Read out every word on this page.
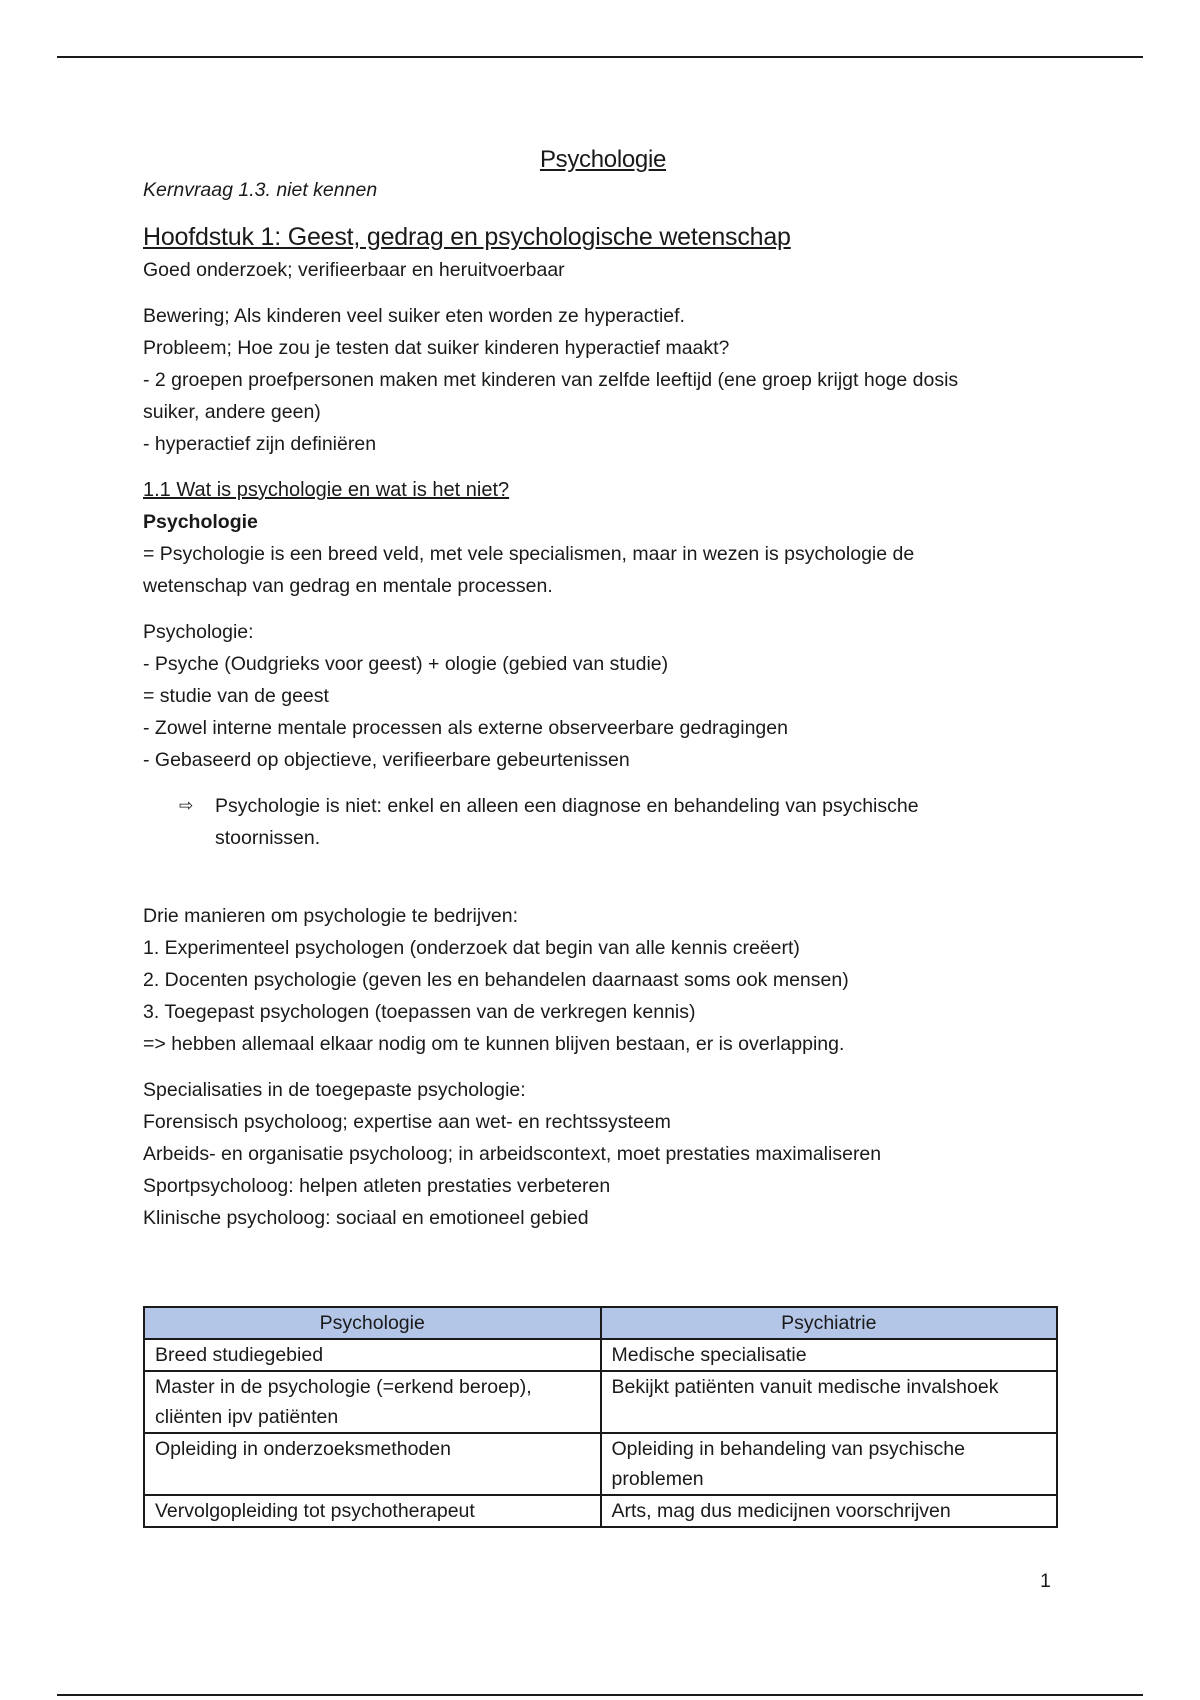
Psychologie

Kernvraag 1.3. niet kennen

Hoofdstuk 1: Geest, gedrag en psychologische wetenschap

Goed onderzoek; verifieerbaar en heruitvoerbaar

Bewering; Als kinderen veel suiker eten worden ze hyperactief.

Probleem; Hoe zou je testen dat suiker kinderen hyperactief maakt?

- 2 groepen proefpersonen maken met kinderen van zelfde leeftijd (ene groep krijgt hoge dosis suiker, andere geen)

- hyperactief zijn definiëren

1.1 Wat is psychologie en wat is het niet?

Psychologie

= Psychologie is een breed veld, met vele specialismen, maar in wezen is psychologie de wetenschap van gedrag en mentale processen.

Psychologie:

- Psyche (Oudgrieks voor geest) + ologie (gebied van studie)

= studie van de geest

- Zowel interne mentale processen als externe observeerbare gedragingen

- Gebaseerd op objectieve, verifieerbare gebeurtenissen

⇨	Psychologie is niet: enkel en alleen een diagnose en behandeling van psychische stoornissen.

Drie manieren om psychologie te bedrijven:

1. Experimenteel psychologen (onderzoek dat begin van alle kennis creëert)

2. Docenten psychologie (geven les en behandelen daarnaast soms ook mensen)

3. Toegepast psychologen (toepassen van de verkregen kennis)

=> hebben allemaal elkaar nodig om te kunnen blijven bestaan, er is overlapping.

Specialisaties in de toegepaste psychologie:

Forensisch psycholoog; expertise aan wet- en rechtssysteem

Arbeids- en organisatie psycholoog; in arbeidscontext, moet prestaties maximaliseren

Sportpsycholoog: helpen atleten prestaties verbeteren

Klinische psycholoog: sociaal en emotioneel gebied

Psychologie	Psychiatrie
Breed studiegebied	Medische specialisatie
Master in de psychologie (=erkend beroep), cliënten ipv patiënten	Bekijkt patiënten vanuit medische invalshoek
Opleiding in onderzoeksmethoden	Opleiding in behandeling van psychische problemen
Vervolgopleiding tot psychotherapeut	Arts, mag dus medicijnen voorschrijven
1
